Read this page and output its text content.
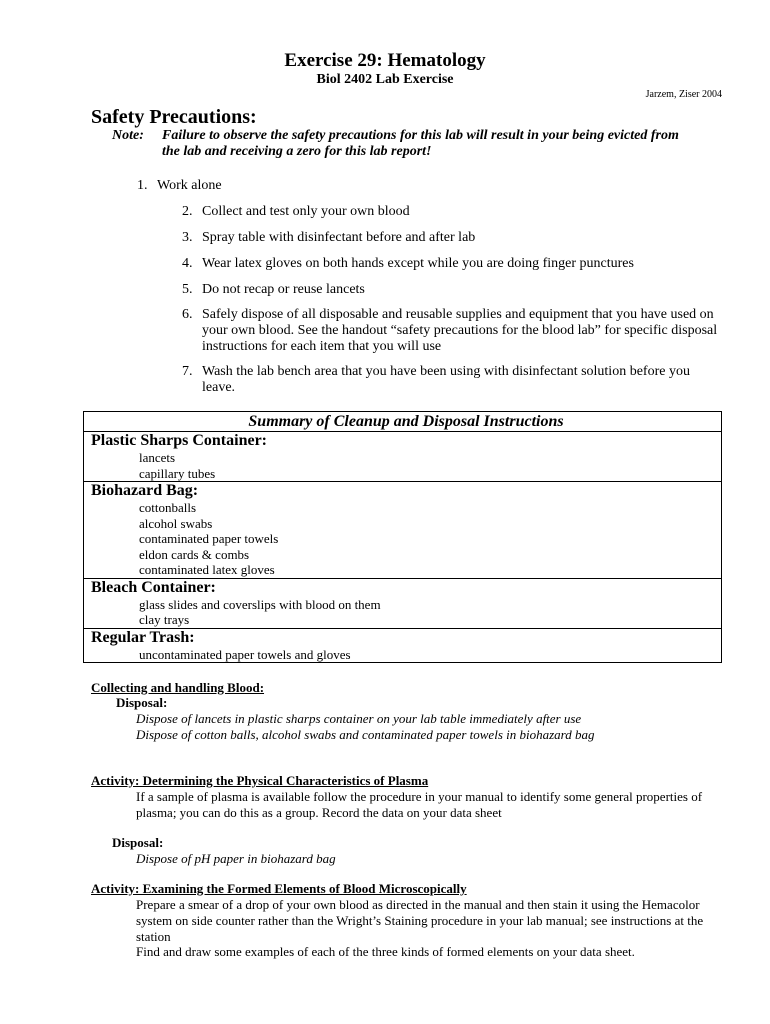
Exercise 29: Hematology
Biol 2402 Lab Exercise
Jarzem, Ziser 2004
Safety Precautions:
Note: Failure to observe the safety precautions for this lab will result in your being evicted from the lab and receiving a zero for this lab report!
1. Work alone
2. Collect and test only your own blood
3. Spray table with disinfectant before and after lab
4. Wear latex gloves on both hands except while you are doing finger punctures
5. Do not recap or reuse lancets
6. Safely dispose of all disposable and reusable supplies and equipment that you have used on your own blood. See the handout “safety precautions for the blood lab” for specific disposal instructions for each item that you will use
7. Wash the lab bench area that you have been using with disinfectant solution before you leave.
Summary of Cleanup and Disposal Instructions

Plastic Sharps Container:
lancets
capillary tubes

Biohazard Bag:
cottonballs
alcohol swabs
contaminated paper towels
eldon cards & combs
contaminated latex gloves

Bleach Container:
glass slides and coverslips with blood on them
clay trays

Regular Trash:
uncontaminated paper towels and gloves
Collecting and handling Blood:
Disposal:
Dispose of lancets in plastic sharps container on your lab table immediately after use
Dispose of cotton balls, alcohol swabs and contaminated paper towels in biohazard bag
Activity: Determining the Physical Characteristics of Plasma
If a sample of plasma is available follow the procedure in your manual to identify some general properties of plasma; you can do this as a group. Record the data on your data sheet
Disposal:
Dispose of pH paper in biohazard bag
Activity: Examining the Formed Elements of Blood Microscopically
Prepare a smear of a drop of your own blood as directed in the manual and then stain it using the Hemacolor system on side counter rather than the Wright’s Staining procedure in your lab manual; see instructions at the station
Find and draw some examples of each of the three kinds of formed elements on your data sheet.
